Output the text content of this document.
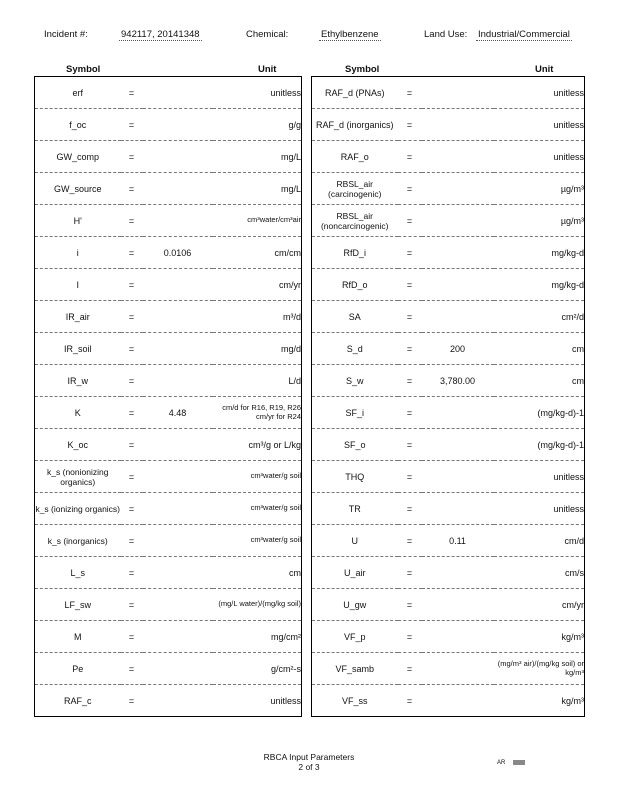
Incident #:	942117, 20141348	Chemical:	Ethylbenzene	Land Use: Industrial/Commercial
Symbol	Unit	Symbol	Unit
erf	=		unitless
f_oc	=		g/g
GW_comp	=		mg/L
GW_source	=		mg/L
H'	=		cm³water/cm³air
i	=	0.0106	cm/cm
I	=		cm/yr
IR_air	=		m³/d
IR_soil	=		mg/d
IR_w	=		L/d
K	=	4.48	cm/d for R16, R19, R26 cm/yr for R24
K_oc	=		cm³/g or L/kg
k_s (nonionizing organics)	=		cm³water/g soil
k_s (ionizing organics)	=		cm³water/g soil
k_s (inorganics)	=		cm³water/g soil
L_s	=		cm
LF_sw	=		(mg/L water)/(mg/kg soil)
M	=		mg/cm²
Pe	=		g/cm²-s
RAF_c	=		unitless
RAF_d (PNAs)	=		unitless
RAF_d (inorganics)	=		unitless
RAF_o	=		unitless
RBSL_air (carcinogenic)	=		µg/m³
RBSL_air (noncarcinogenic)	=		µg/m³
RfD_i	=		mg/kg-d
RfD_o	=		mg/kg-d
SA	=		cm²/d
S_d	=	200	cm
S_w	=	3,780.00	cm
SF_i	=		(mg/kg-d)-1
SF_o	=		(mg/kg-d)-1
THQ	=		unitless
TR	=		unitless
U	=	0.11	cm/d
U_air	=		cm/s
U_gw	=		cm/yr
VF_p	=		kg/m³
VF_samb	=		(mg/m³ air)/(mg/kg soil) or kg/m³
VF_ss	=		kg/m³
RBCA Input Parameters
2 of 3	AR
